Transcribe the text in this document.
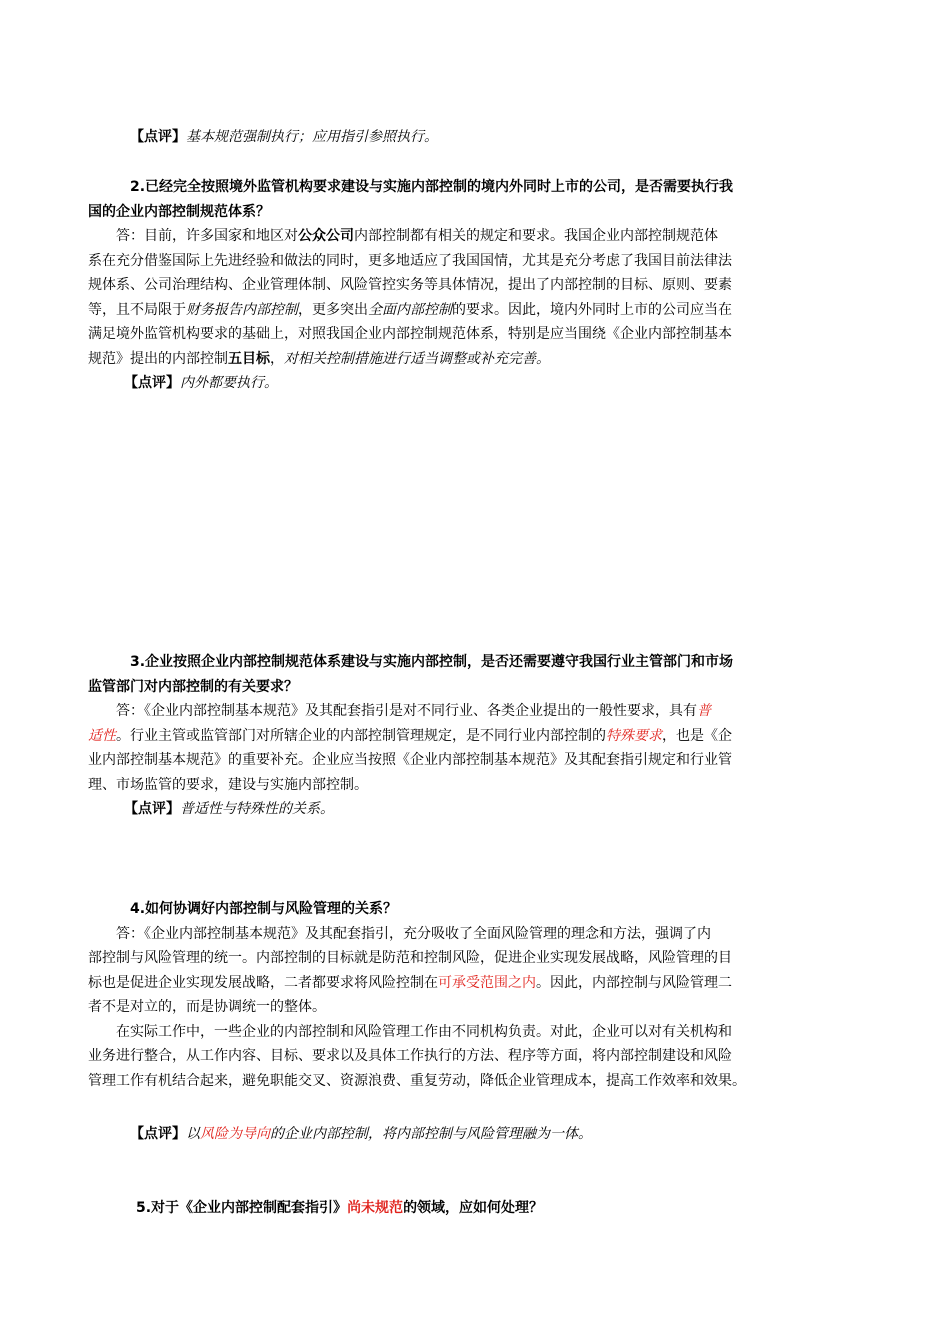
【点评】基本规范强制执行；应用指引参照执行。
2.已经完全按照境外监管机构要求建设与实施内部控制的境内外同时上市的公司，是否需要执行我
国的企业内部控制规范体系？
答：目前，许多国家和地区对公众公司内部控制都有相关的规定和要求。我国企业内部控制规范体
系在充分借鉴国际上先进经验和做法的同时，更多地适应了我国国情，尤其是充分考虑了我国目前法律法
规体系、公司治理结构、企业管理体制、风险管控实务等具体情况，提出了内部控制的目标、原则、要素
等，且不局限于财务报告内部控制，更多突出全面内部控制的要求。因此，境内外同时上市的公司应当在
满足境外监管机构要求的基础上，对照我国企业内部控制规范体系，特别是应当围绕《企业内部控制基本
规范》提出的内部控制五目标，对相关控制措施进行适当调整或补充完善。
【点评】内外都要执行。
3.企业按照企业内部控制规范体系建设与实施内部控制，是否还需要遵守我国行业主管部门和市场
监管部门对内部控制的有关要求？
答：《企业内部控制基本规范》及其配套指引是对不同行业、各类企业提出的一般性要求，具有普
适性。行业主管或监管部门对所辖企业的内部控制管理规定，是不同行业内部控制的特殊要求，也是《企
业内部控制基本规范》的重要补充。企业应当按照《企业内部控制基本规范》及其配套指引规定和行业管
理、市场监管的要求，建设与实施内部控制。
【点评】普适性与特殊性的关系。
4.如何协调好内部控制与风险管理的关系？
答：《企业内部控制基本规范》及其配套指引，充分吸收了全面风险管理的理念和方法，强调了内
部控制与风险管理的统一。内部控制的目标就是防范和控制风险，促进企业实现发展战略，风险管理的目
标也是促进企业实现发展战略，二者都要求将风险控制在可承受范围之内。因此，内部控制与风险管理二
者不是对立的，而是协调统一的整体。
在实际工作中，一些企业的内部控制和风险管理工作由不同机构负责。对此，企业可以对有关机构和
业务进行整合，从工作内容、目标、要求以及具体工作执行的方法、程序等方面，将内部控制建设和风险
管理工作有机结合起来，避免职能交叉、资源浪费、重复劳动，降低企业管理成本，提高工作效率和效果。
【点评】以风险为导向的企业内部控制，将内部控制与风险管理融为一体。
5.对于《企业内部控制配套指引》尚未规范的领域，应如何处理？
